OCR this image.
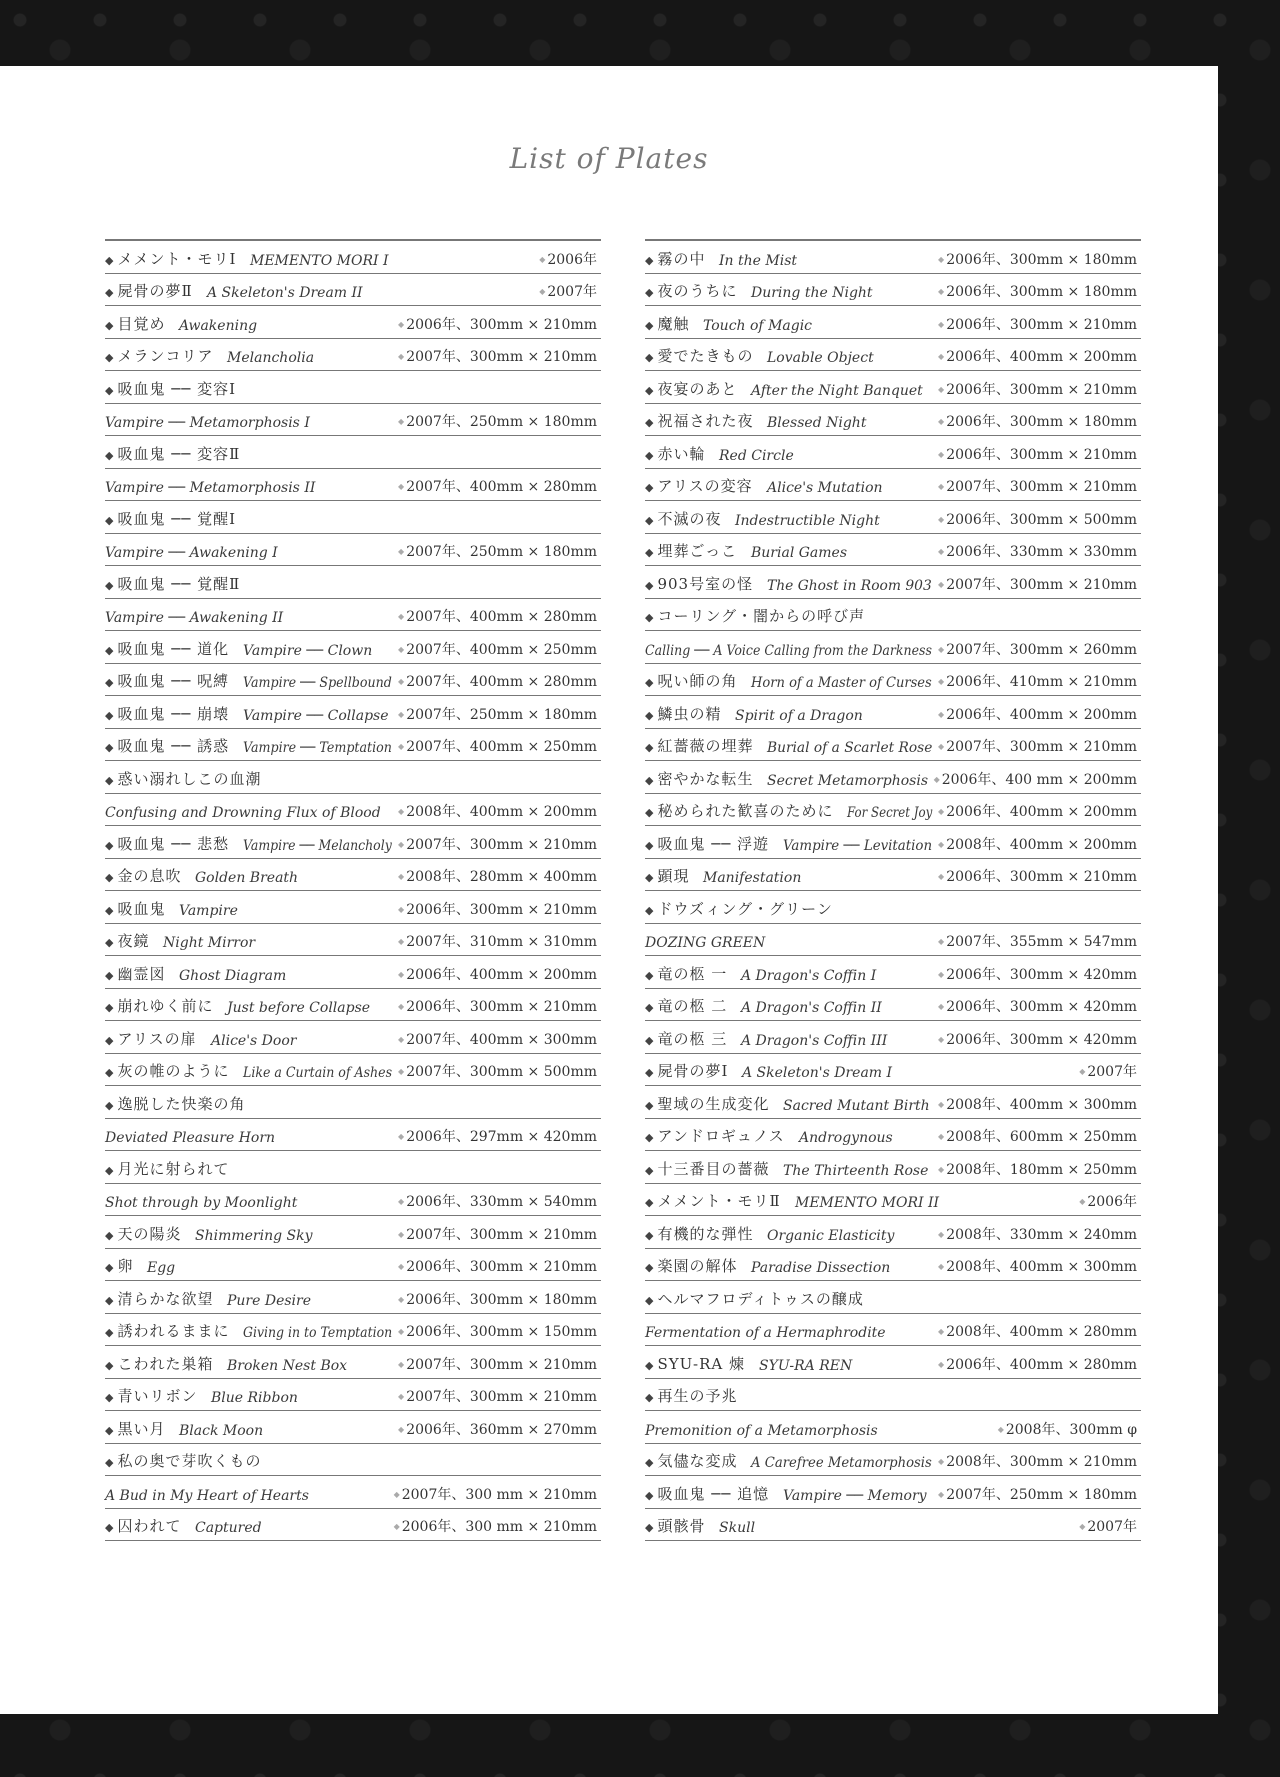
List of Plates
◆ メメント・モリⅠ MEMENTO MORI I	◆ 2006年
◆ 屍骨の夢Ⅱ A Skeleton's Dream II	◆ 2007年
◆ 目覚め Awakening	◆ 2006年、300mm × 210mm
◆ メランコリア Melancholia	◆ 2007年、300mm × 210mm
◆ 吸血鬼 ── 変容Ⅰ
Vampire ── Metamorphosis I	◆ 2007年、250mm × 180mm
◆ 吸血鬼 ── 変容Ⅱ
Vampire ── Metamorphosis II	◆ 2007年、400mm × 280mm
◆ 吸血鬼 ── 覚醒Ⅰ
Vampire ── Awakening I	◆ 2007年、250mm × 180mm
◆ 吸血鬼 ── 覚醒Ⅱ
Vampire ── Awakening II	◆ 2007年、400mm × 280mm
◆ 吸血鬼 ── 道化 Vampire ── Clown	◆ 2007年、400mm × 250mm
◆ 吸血鬼 ── 呪縛 Vampire ── Spellbound	◆ 2007年、400mm × 280mm
◆ 吸血鬼 ── 崩壊 Vampire ── Collapse	◆ 2007年、250mm × 180mm
◆ 吸血鬼 ── 誘惑 Vampire ── Temptation	◆ 2007年、400mm × 250mm
◆ 惑い溺れしこの血潮
Confusing and Drowning Flux of Blood	◆ 2008年、400mm × 200mm
◆ 吸血鬼 ── 悲愁 Vampire ── Melancholy	◆ 2007年、300mm × 210mm
◆ 金の息吹 Golden Breath	◆ 2008年、280mm × 400mm
◆ 吸血鬼 Vampire	◆ 2006年、300mm × 210mm
◆ 夜鏡 Night Mirror	◆ 2007年、310mm × 310mm
◆ 幽霊図 Ghost Diagram	◆ 2006年、400mm × 200mm
◆ 崩れゆく前に Just before Collapse	◆ 2006年、300mm × 210mm
◆ アリスの扉 Alice's Door	◆ 2007年、400mm × 300mm
◆ 灰の帷のように Like a Curtain of Ashes	◆ 2007年、300mm × 500mm
◆ 逸脱した快楽の角
Deviated Pleasure Horn	◆ 2006年、297mm × 420mm
◆ 月光に射られて
Shot through by Moonlight	◆ 2006年、330mm × 540mm
◆ 天の陽炎 Shimmering Sky	◆ 2007年、300mm × 210mm
◆ 卵 Egg	◆ 2006年、300mm × 210mm
◆ 清らかな欲望 Pure Desire	◆ 2006年、300mm × 180mm
◆ 誘われるままに Giving in to Temptation	◆ 2006年、300mm × 150mm
◆ こわれた巣箱 Broken Nest Box	◆ 2007年、300mm × 210mm
◆ 青いリボン Blue Ribbon	◆ 2007年、300mm × 210mm
◆ 黒い月 Black Moon	◆ 2006年、360mm × 270mm
◆ 私の奥で芽吹くもの
A Bud in My Heart of Hearts	◆ 2007年、300 mm × 210mm
◆ 囚われて Captured	◆ 2006年、300 mm × 210mm
◆ 霧の中 In the Mist	◆ 2006年、300mm × 180mm
◆ 夜のうちに During the Night	◆ 2006年、300mm × 180mm
◆ 魔触 Touch of Magic	◆ 2006年、300mm × 210mm
◆ 愛でたきもの Lovable Object	◆ 2006年、400mm × 200mm
◆ 夜宴のあと After the Night Banquet	◆ 2006年、300mm × 210mm
◆ 祝福された夜 Blessed Night	◆ 2006年、300mm × 180mm
◆ 赤い輪 Red Circle	◆ 2006年、300mm × 210mm
◆ アリスの変容 Alice's Mutation	◆ 2007年、300mm × 210mm
◆ 不滅の夜 Indestructible Night	◆ 2006年、300mm × 500mm
◆ 埋葬ごっこ Burial Games	◆ 2006年、330mm × 330mm
◆ 903号室の怪 The Ghost in Room 903	◆ 2007年、300mm × 210mm
◆ コーリング・闇からの呼び声
Calling ── A Voice Calling from the Darkness	◆ 2007年、300mm × 260mm
◆ 呪い師の角 Horn of a Master of Curses	◆ 2006年、410mm × 210mm
◆ 鱗虫の精 Spirit of a Dragon	◆ 2006年、400mm × 200mm
◆ 紅薔薇の埋葬 Burial of a Scarlet Rose ◆ 2007年、300mm × 210mm
◆ 密やかな転生 Secret Metamorphosis ◆ 2006年、400 mm × 200mm
◆ 秘められた歓喜のために For Secret Joy ◆ 2006年、400mm × 200mm
◆ 吸血鬼 ── 浮遊 Vampire ── Levitation	◆ 2008年、400mm × 200mm
◆ 顕現 Manifestation	◆ 2006年、300mm × 210mm
◆ ドウズィング・グリーン
DOZING GREEN	◆ 2007年、355mm × 547mm
◆ 竜の柩 一 A Dragon's Coffin I	◆ 2006年、300mm × 420mm
◆ 竜の柩 二 A Dragon's Coffin II	◆ 2006年、300mm × 420mm
◆ 竜の柩 三 A Dragon's Coffin III	◆ 2006年、300mm × 420mm
◆ 屍骨の夢Ⅰ A Skeleton's Dream I	◆ 2007年
◆ 聖域の生成変化 Sacred Mutant Birth	◆ 2008年、400mm × 300mm
◆ アンドロギュノス Androgynous	◆ 2008年、600mm × 250mm
◆ 十三番目の薔薇 The Thirteenth Rose	◆ 2008年、180mm × 250mm
◆ メメント・モリⅡ MEMENTO MORI II	◆ 2006年
◆ 有機的な弾性 Organic Elasticity	◆ 2008年、330mm × 240mm
◆ 楽園の解体 Paradise Dissection	◆ 2008年、400mm × 300mm
◆ ヘルマフロディトゥスの醸成
Fermentation of a Hermaphrodite	◆ 2008年、400mm × 280mm
◆ SYU-RA 煉 SYU-RA REN	◆ 2006年、400mm × 280mm
◆ 再生の予兆
Premonition of a Metamorphosis	◆ 2008年、300mm φ
◆ 気儘な変成 A Carefree Metamorphosis	◆ 2008年、300mm × 210mm
◆ 吸血鬼 ── 追憶 Vampire ── Memory	◆ 2007年、250mm × 180mm
◆ 頭骸骨 Skull	◆ 2007年
